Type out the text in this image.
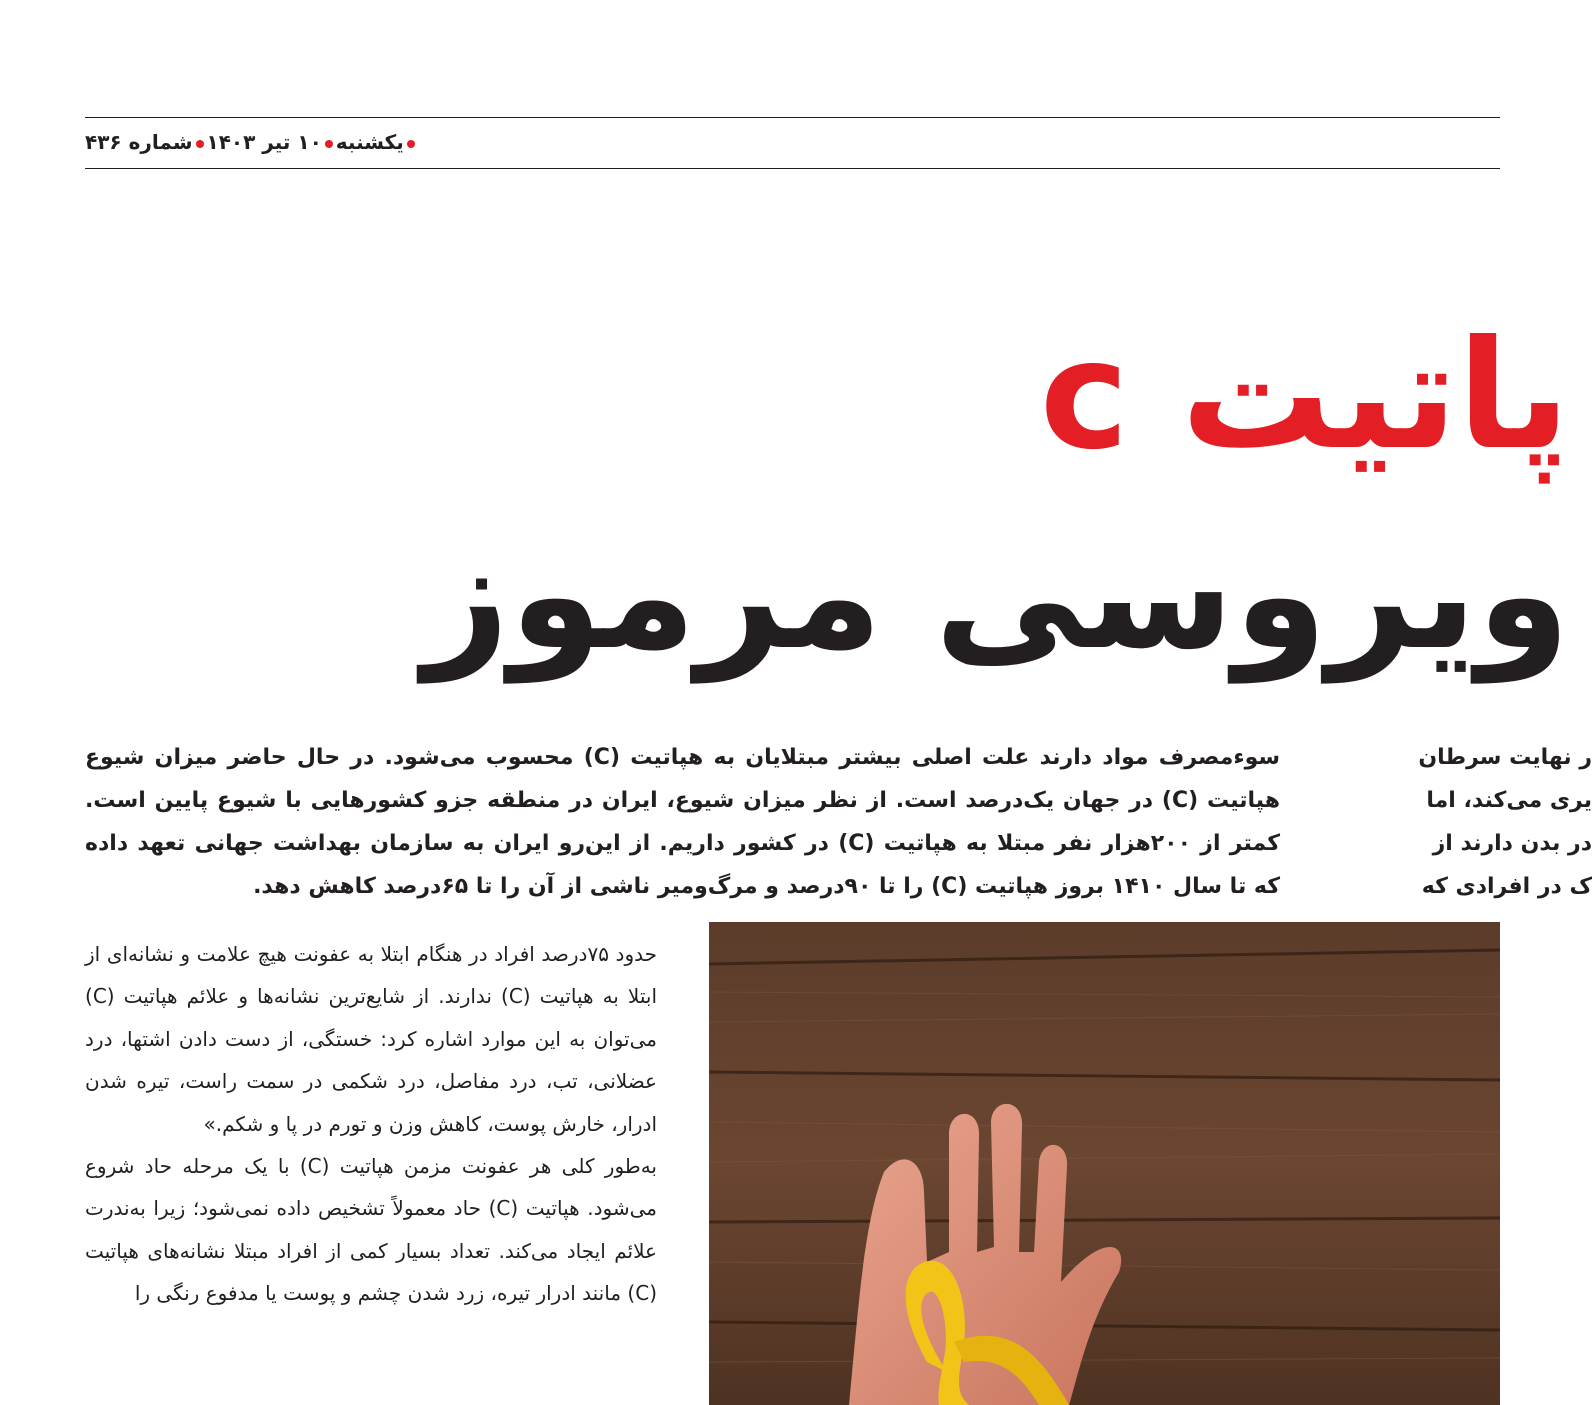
یکشنبه۱۰ تیر ۱۴۰۳شماره ۴۳۶
پاتیت c
ویروسی مرموز

سوءمصرف مواد دارند علت اصلی بیشتر مبتلایان به هپاتیت (C) محسوب می‌شود. در حال حاضر میزان شیوع هپاتیت (C) در جهان یک‌درصد است. از نظر میزان شیوع، ایران در منطقه جزو کشورهایی با شیوع پایین است. کمتر از ۲۰۰هزار نفر مبتلا به هپاتیت (C) در کشور داریم. از این‌رو ایران به سازمان بهداشت جهانی تعهد داده که تا سال ۱۴۱۰ بروز هپاتیت (C) را تا ۹۰درصد و مرگ‌ومیر ناشی از آن را تا ۶۵درصد کاهش دهد.

ر نهایت سرطان
یری می‌کند، اما
در بدن دارند از
ک در افرادی که

حدود ۷۵درصد افراد در هنگام ابتلا به عفونت هیچ علامت و نشانه‌ای از ابتلا به هپاتیت (C) ندارند. از شایع‌ترین نشانه‌ها و علائم هپاتیت (C) می‌توان به این موارد اشاره کرد: خستگی، از دست دادن اشتها، درد عضلانی، تب، درد مفاصل، درد شکمی در سمت راست، تیره شدن ادرار، خارش پوست، کاهش وزن و تورم در پا و شکم.»

به‌طور کلی هر عفونت مزمن هپاتیت (C) با یک مرحله حاد شروع می‌شود. هپاتیت (C) حاد معمولاً تشخیص داده نمی‌شود؛ زیرا به‌ندرت علائم ایجاد می‌کند. تعداد بسیار کمی از افراد مبتلا نشانه‌های هپاتیت (C) مانند ادرار تیره، زرد شدن چشم و پوست یا مدفوع رنگی را
